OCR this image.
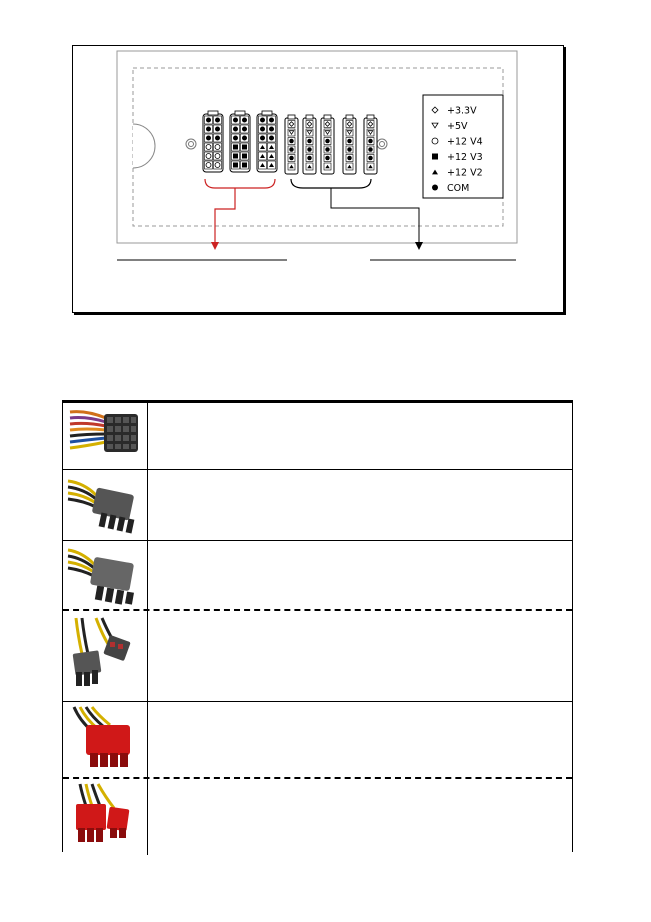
+3.3V
+5V
+12 V4
+12 V3
+12 V2
COM
